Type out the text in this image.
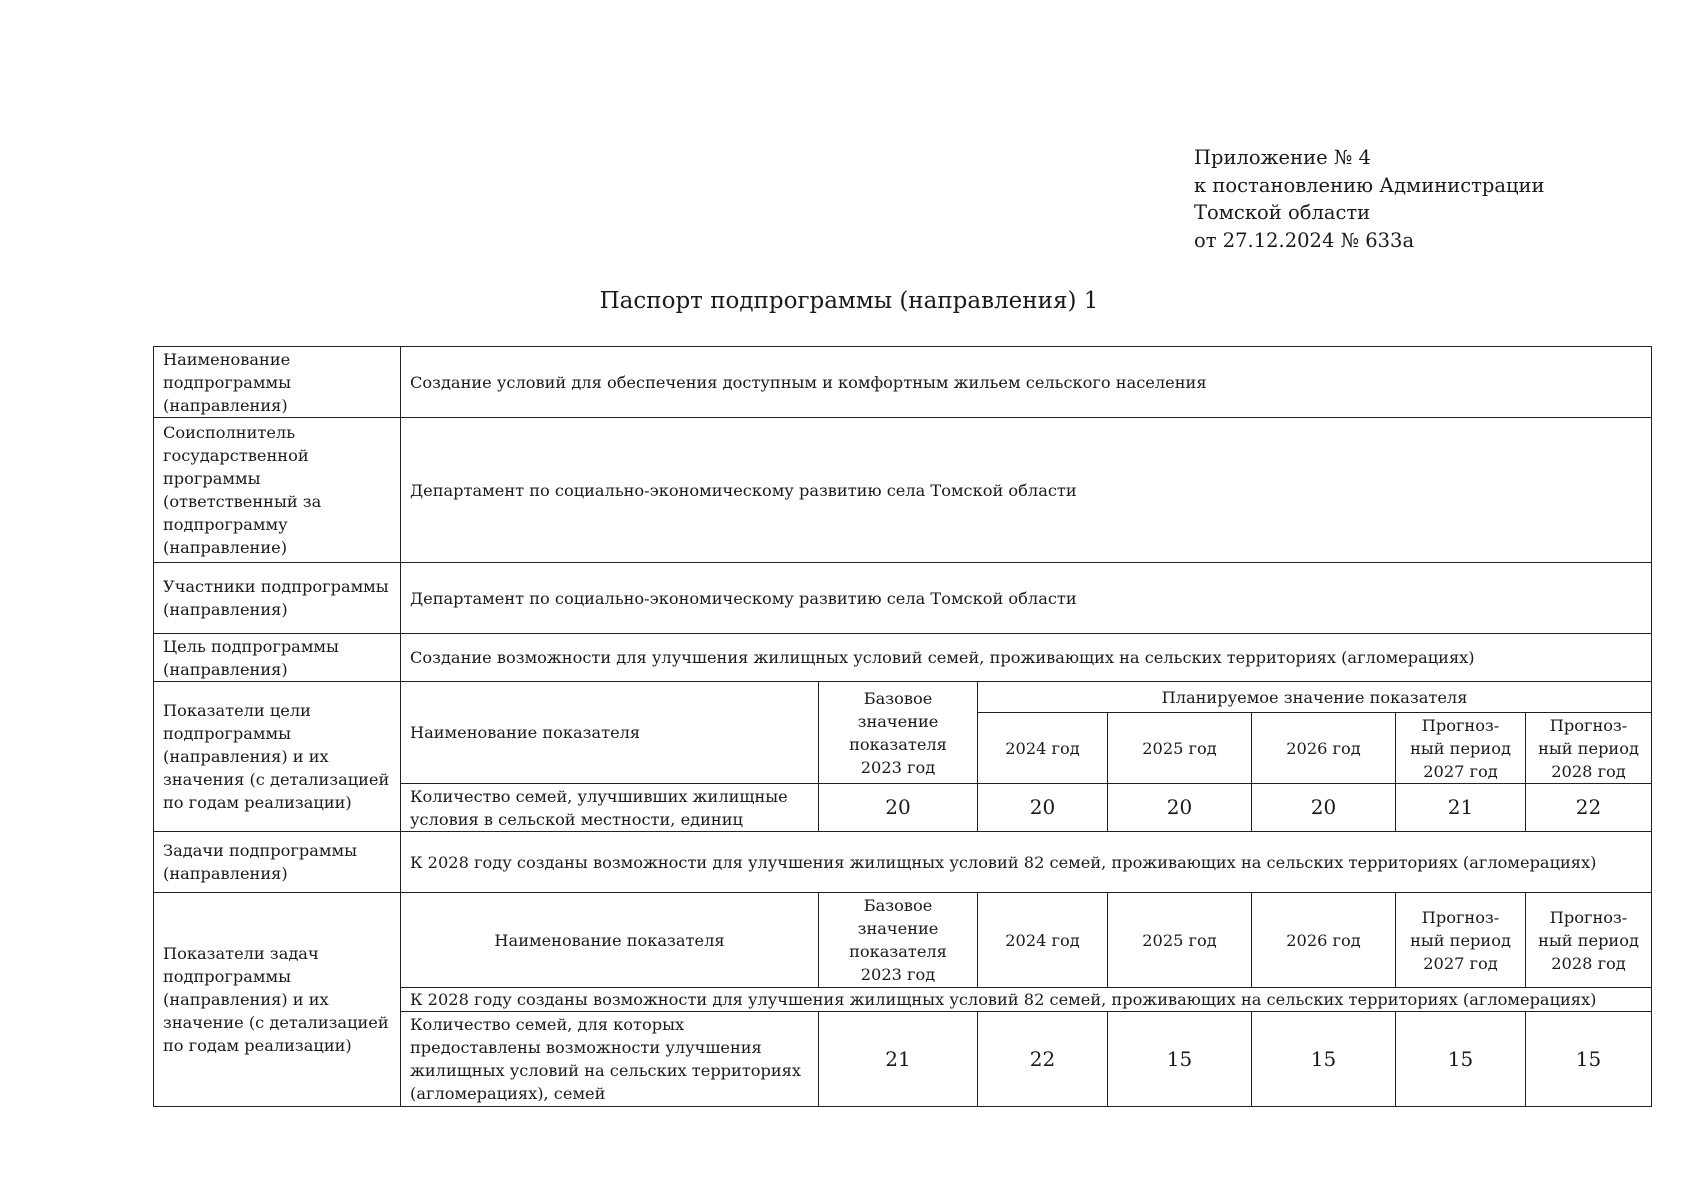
Приложение № 4
к постановлению Администрации
Томской области
от 27.12.2024 № 633а
Паспорт подпрограммы (направления) 1
Наименование подпрограммы (направления)	Создание условий для обеспечения доступным и комфортным жильем сельского населения						
Соисполнитель государственной программы (ответственный за подпрограмму (направление)	Департамент по социально-экономическому развитию села Томской области						
Участники подпрограммы (направления)	Департамент по социально-экономическому развитию села Томской области						
Цель подпрограммы (направления)	Создание возможности для улучшения жилищных условий семей, проживающих на сельских территориях (агломерациях)						
Показатели цели подпрограммы (направления) и их значения (с детализацией по годам реализации)	Наименование показателя	Базовое значение показателя 2023 год	Планируемое значение показателя				
			2024 год	2025 год	2026 год	Прогноз-ный период 2027 год	Прогноз-ный период 2028 год
	Количество семей, улучшивших жилищные условия в сельской местности, единиц	20	20	20	20	21	22
Задачи подпрограммы (направления)	К 2028 году созданы возможности для улучшения жилищных условий 82 семей, проживающих на сельских территориях (агломерациях)						
Показатели задач подпрограммы (направления) и их значение (с детализацией по годам реализации)	Наименование показателя	Базовое значение показателя 2023 год	2024 год	2025 год	2026 год	Прогноз-ный период 2027 год	Прогноз-ный период 2028 год
	К 2028 году созданы возможности для улучшения жилищных условий 82 семей, проживающих на сельских территориях (агломерациях)						
	Количество семей, для которых предоставлены возможности улучшения жилищных условий на сельских территориях (агломерациях), семей	21	22	15	15	15	15
